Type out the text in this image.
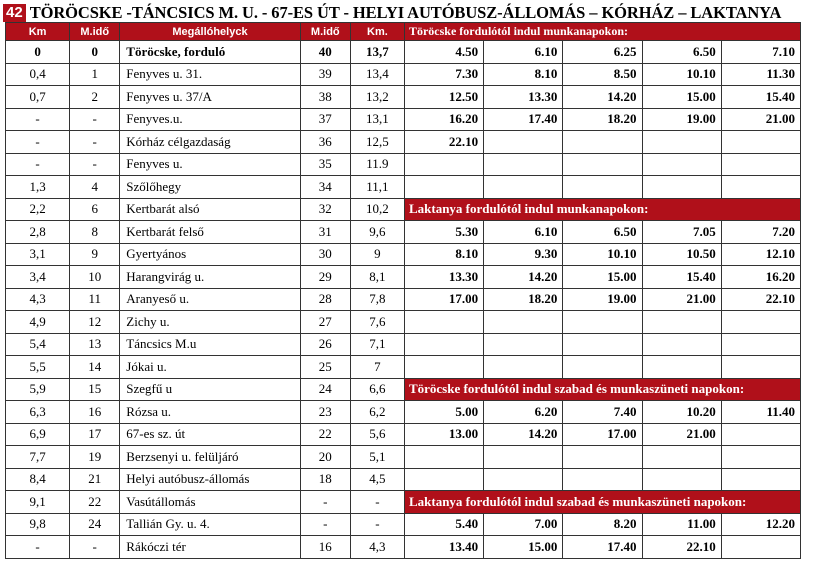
42 TÖRÖCSKE -TÁNCSICS M. U. - 67-ES ÚT - HELYI AUTÓBUSZ-ÁLLOMÁS – KÓRHÁZ – LAKTANYA
Km	M.idő	Megállóhelyck	M.idő	Km.	Töröcske fordulótól indul munkanapokon:				
0	0	Töröcske, forduló	40	13,7	4.50	6.10	6.25	6.50	7.10
0,4	1	Fenyves u. 31.	39	13,4	7.30	8.10	8.50	10.10	11.30
0,7	2	Fenyves u. 37/A	38	13,2	12.50	13.30	14.20	15.00	15.40
-	-	Fenyves.u.	37	13,1	16.20	17.40	18.20	19.00	21.00
-	-	Kórház célgazdaság	36	12,5	22.10				
-	-	Fenyves u.	35	11.9					
1,3	4	Szőlőhegy	34	11,1					
2,2	6	Kertbarát alsó	32	10,2	Laktanya fordulótól indul munkanapokon:				
2,8	8	Kertbarát felső	31	9,6	5.30	6.10	6.50	7.05	7.20
3,1	9	Gyertyános	30	9	8.10	9.30	10.10	10.50	12.10
3,4	10	Harangvirág u.	29	8,1	13.30	14.20	15.00	15.40	16.20
4,3	11	Aranyeső u.	28	7,8	17.00	18.20	19.00	21.00	22.10
4,9	12	Zichy u.	27	7,6					
5,4	13	Táncsics M.u	26	7,1					
5,5	14	Jókai u.	25	7					
5,9	15	Szegfű u	24	6,6	Töröcske fordulótól indul szabad és munkaszüneti napokon:				
6,3	16	Rózsa u.	23	6,2	5.00	6.20	7.40	10.20	11.40
6,9	17	67-es sz. út	22	5,6	13.00	14.20	17.00	21.00	
7,7	19	Berzsenyi u. felüljáró	20	5,1					
8,4	21	Helyi autóbusz-állomás	18	4,5					
9,1	22	Vasútállomás	-	-	Laktanya fordulótól indul szabad és munkaszüneti napokon:				
9,8	24	Tallián Gy. u. 4.	-	-	5.40	7.00	8.20	11.00	12.20
-	-	Rákóczi tér	16	4,3	13.40	15.00	17.40	22.10	
